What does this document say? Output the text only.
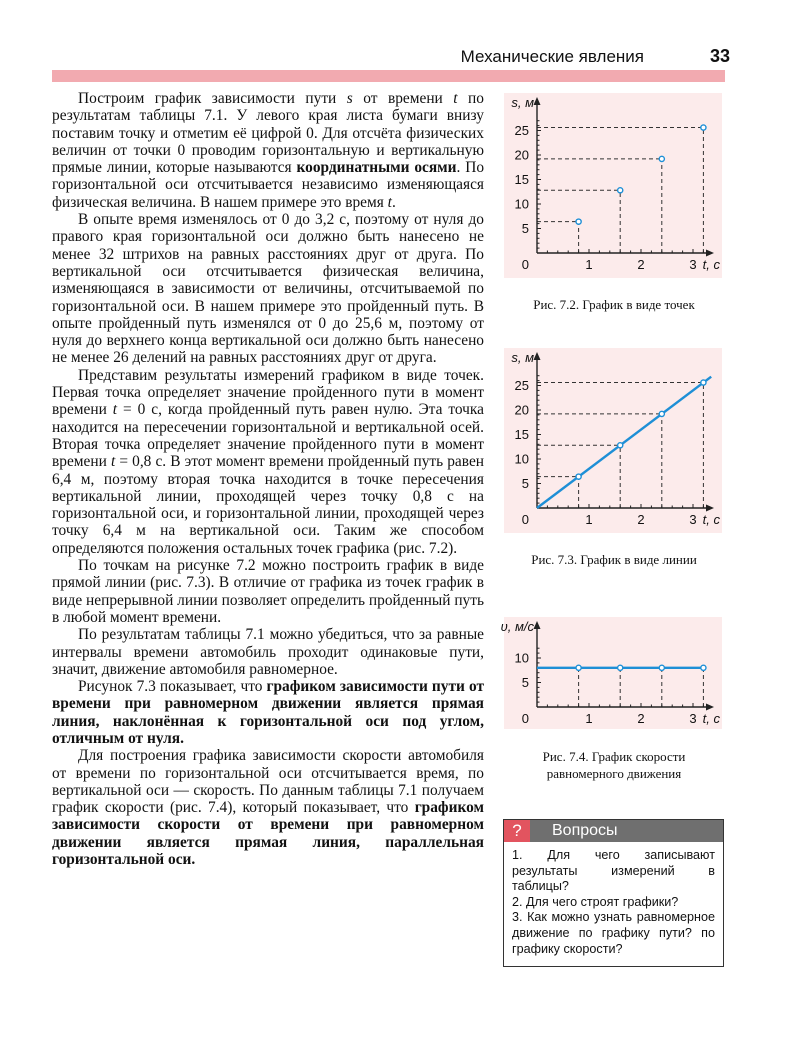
Механические явления	33

Построим график зависимости пути s от времени t по результатам таблицы 7.1. У левого края листа бумаги внизу поставим точку и отметим её цифрой 0. Для отсчёта физических величин от точки 0 проводим горизонтальную и вертикальную прямые линии, которые называются координатными осями. По горизонтальной оси отсчитывается независимо изменяющаяся физическая величина. В нашем примере это время t.

В опыте время изменялось от 0 до 3,2 с, поэтому от нуля до правого края горизонтальной оси должно быть нанесено не менее 32 штрихов на равных расстояниях друг от друга. По вертикальной оси отсчитывается физическая величина, изменяющаяся в зависимости от величины, отсчитываемой по горизонтальной оси. В нашем примере это пройденный путь. В опыте пройденный путь изменялся от 0 до 25,6 м, поэтому от нуля до верхнего конца вертикальной оси должно быть нанесено не менее 26 делений на равных расстояниях друг от друга.

Представим результаты измерений графиком в виде точек. Первая точка определяет значение пройденного пути в момент времени t = 0 с, когда пройденный путь равен нулю. Эта точка находится на пересечении горизонтальной и вертикальной осей. Вторая точка определяет значение пройденного пути в момент времени t = 0,8 с. В этот момент времени пройденный путь равен 6,4 м, поэтому вторая точка находится в точке пересечения вертикальной линии, проходящей через точку 0,8 с на горизонтальной оси, и горизонтальной линии, проходящей через точку 6,4 м на вертикальной оси. Таким же способом определяются положения остальных точек графика (рис. 7.2).

По точкам на рисунке 7.2 можно построить график в виде прямой линии (рис. 7.3). В отличие от графика из точек график в виде непрерывной линии позволяет определить пройденный путь в любой момент времени.

По результатам таблицы 7.1 можно убедиться, что за равные интервалы времени автомобиль проходит одинаковые пути, значит, движение автомобиля равномерное.

Рисунок 7.3 показывает, что графиком зависимости пути от времени при равномерном движении является прямая линия, наклонённая к горизонтальной оси под углом, отличным от нуля.

Для построения графика зависимости скорости автомобиля от времени по горизонтальной оси отсчитывается время, по вертикальной оси — скорость. По данным таблицы 7.1 получаем график скорости (рис. 7.4), который показывает, что графиком зависимости скорости от времени при равномерном движении является прямая линия, параллельная горизонтальной оси.

1	2	3
5
10
15
20
25
0	t, с
s, м
Рис. 7.2. График в виде точек
1	2	3
5
10
15
20
25
0	t, с
s, м
Рис. 7.3. График в виде линии
1	2	3
5
10
0	t, с
υ, м/с
Рис. 7.4. График скорости равномерного движения
?	Вопросы
1. Для чего записывают результаты измерений в таблицы?
2. Для чего строят графики?
3. Как можно узнать равномерное движение по графику пути? по графику скорости?
